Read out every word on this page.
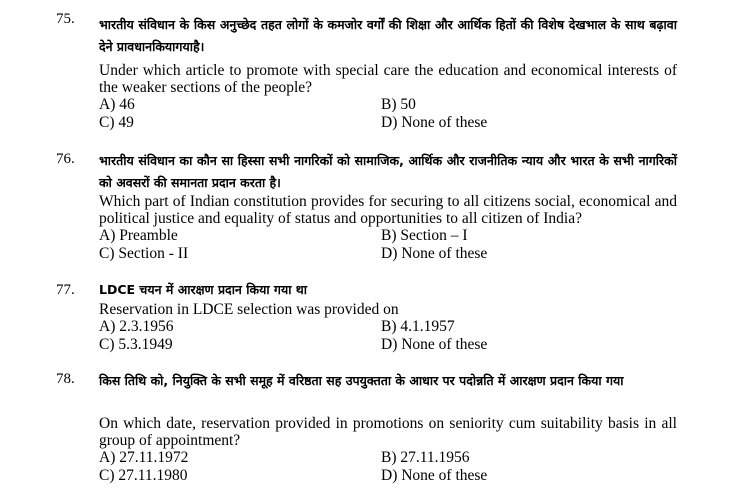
75. भारतीय संविधान के किस अनुच्छेद तहत लोगों के कमजोर वर्गों की शिक्षा और आर्थिक हितों की विशेष देखभाल के साथ बढ़ावा देने प्रावधानकियागयाहै।
Under which article to promote with special care the education and economical interests of the weaker sections of the people?
A) 46	B) 50
C) 49	D) None of these
76. भारतीय संविधान का कौन सा हिस्सा सभी नागरिकों को सामाजिक, आर्थिक और राजनीतिक न्याय और भारत के सभी नागरिकों को अवसरों की समानता प्रदान करता है।
Which part of Indian constitution provides for securing to all citizens social, economical and political justice and equality of status and opportunities to all citizen of India?
A) Preamble	B) Section – I
C) Section - II	D) None of these
77. LDCE चयन में आरक्षण प्रदान किया गया था
Reservation in LDCE selection was provided on
A) 2.3.1956	B) 4.1.1957
C) 5.3.1949	D) None of these
78. किस तिथि को, नियुक्ति के सभी समूह में वरिष्ठता सह उपयुक्तता के आधार पर पदोन्नति में आरक्षण प्रदान किया गया
On which date, reservation provided in promotions on seniority cum suitability basis in all group of appointment?
A) 27.11.1972	B) 27.11.1956
C) 27.11.1980	D) None of these
